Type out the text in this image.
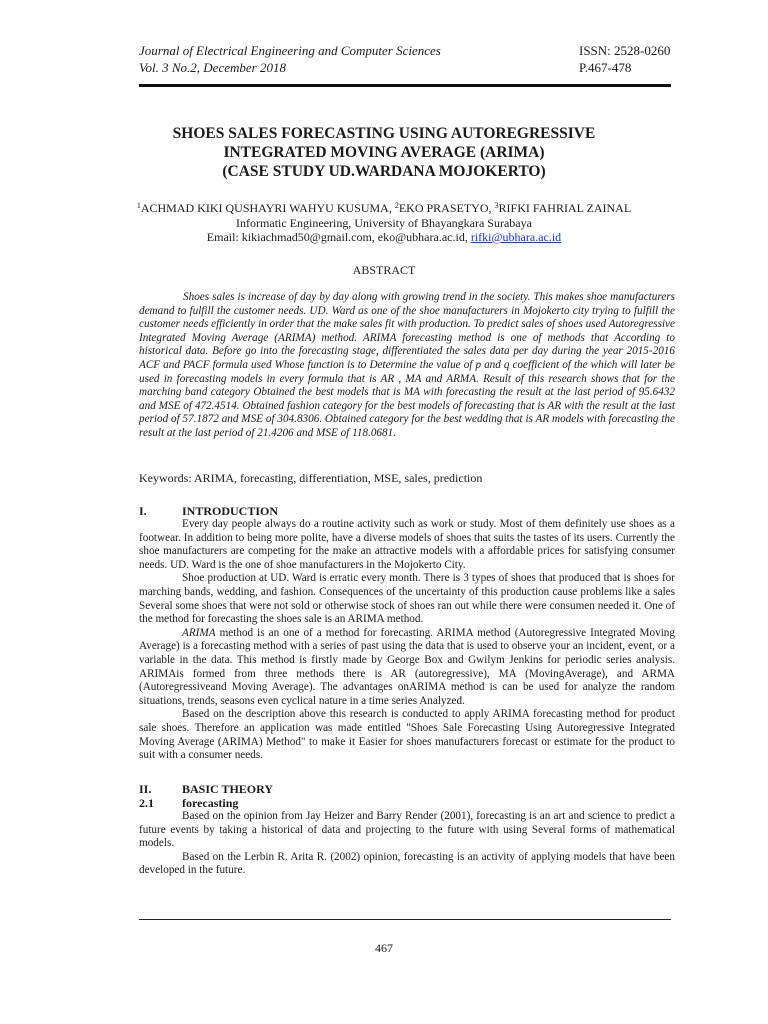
Journal of Electrical Engineering and Computer Sciences
Vol. 3 No.2, December 2018
ISSN: 2528-0260
P.467-478
SHOES SALES FORECASTING USING AUTOREGRESSIVE
INTEGRATED MOVING AVERAGE (ARIMA)
(CASE STUDY UD.WARDANA MOJOKERTO)
$^1$ACHMAD KIKI QUSHAYRI WAHYU KUSUMA, $^2$EKO PRASETYO, $^3$RIFKI FAHRIAL ZAINAL
Informatic Engineering, University of Bhayangkara Surabaya
Email: kikiachmad50@gmail.com, eko@ubhara.ac.id, rifki@ubhara.ac.id
ABSTRACT

Shoes sales is increase of day by day along with growing trend in the society. This makes shoe manufacturers demand to fulfill the customer needs. UD. Ward as one of the shoe manufacturers in Mojokerto city trying to fulfill the customer needs efficiently in order that the make sales fit with production. To predict sales of shoes used Autoregressive Integrated Moving Average (ARIMA) method. ARIMA forecasting method is one of methods that According to historical data. Before go into the forecasting stage, differentiated the sales data per day during the year 2015-2016 ACF and PACF formula used Whose function is to Determine the value of p and q coefficient of the which will later be used in forecasting models in every formula that is AR , MA and ARMA. Result of this research shows that for the marching band category Obtained the best models that is MA with forecasting the result at the last period of 95.6432 and MSE of 472.4514. Obtained fashion category for the best models of forecasting that is AR with the result at the last period of 57.1872 and MSE of 304.8306. Obtained category for the best wedding that is AR models with forecasting the result at the last period of 21.4206 and MSE of 118.0681.

Keywords: ARIMA, forecasting, differentiation, MSE, sales, prediction
I.	INTRODUCTION

Every day people always do a routine activity such as work or study. Most of them definitely use shoes as a footwear. In addition to being more polite, have a diverse models of shoes that suits the tastes of its users. Currently the shoe manufacturers are competing for the make an attractive models with a affordable prices for satisfying consumer needs. UD. Ward is the one of shoe manufacturers in the Mojokerto City.

Shoe production at UD. Ward is erratic every month. There is 3 types of shoes that produced that is shoes for marching bands, wedding, and fashion. Consequences of the uncertainty of this production cause problems like a sales Several some shoes that were not sold or otherwise stock of shoes ran out while there were consumen needed it. One of the method for forecasting the shoes sale is an ARIMA method.

ARIMA method is an one of a method for forecasting. ARIMA method (Autoregressive Integrated Moving Average) is a forecasting method with a series of past using the data that is used to observe your an incident, event, or a variable in the data. This method is firstly made by George Box and Gwilym Jenkins for periodic series analysis. ARIMAis formed from three methods there is AR (autoregressive), MA (MovingAverage), and ARMA (Autoregressiveand Moving Average). The advantages onARIMA method is can be used for analyze the random situations, trends, seasons even cyclical nature in a time series Analyzed.

Based on the description above this research is conducted to apply ARIMA forecasting method for product sale shoes. Therefore an application was made entitled "Shoes Sale Forecasting Using Autoregressive Integrated Moving Average (ARIMA) Method" to make it Easier for shoes manufacturers forecast or estimate for the product to suit with a consumer needs.

II.	BASIC THEORY
2.1 forecasting

Based on the opinion from Jay Heizer and Barry Render (2001), forecasting is an art and science to predict a future events by taking a historical of data and projecting to the future with using Several forms of mathematical models.

Based on the Lerbin R. Arita R. (2002) opinion, forecasting is an activity of applying models that have been developed in the future.

467
